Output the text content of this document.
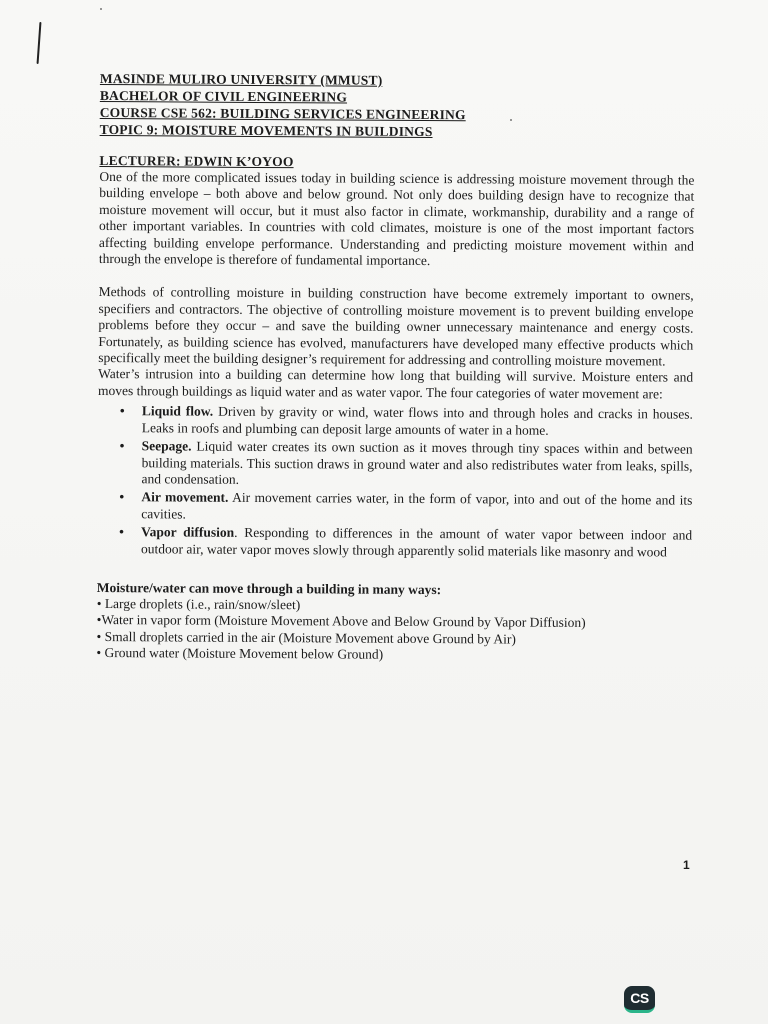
MASINDE MULIRO UNIVERSITY (MMUST)
BACHELOR OF CIVIL ENGINEERING
COURSE CSE 562: BUILDING SERVICES ENGINEERING
TOPIC 9: MOISTURE MOVEMENTS IN BUILDINGS
LECTURER: EDWIN K’OYOO

One of the more complicated issues today in building science is addressing moisture movement through the building envelope – both above and below ground. Not only does building design have to recognize that moisture movement will occur, but it must also factor in climate, workmanship, durability and a range of other important variables. In countries with cold climates, moisture is one of the most important factors affecting building envelope performance. Understanding and predicting moisture movement within and through the envelope is therefore of fundamental importance.

Methods of controlling moisture in building construction have become extremely important to owners, specifiers and contractors. The objective of controlling moisture movement is to prevent building envelope problems before they occur – and save the building owner unnecessary maintenance and energy costs. Fortunately, as building science has evolved, manufacturers have developed many effective products which specifically meet the building designer’s requirement for addressing and controlling moisture movement.

Water’s intrusion into a building can determine how long that building will survive. Moisture enters and moves through buildings as liquid water and as water vapor. The four categories of water movement are:

• Liquid flow. Driven by gravity or wind, water flows into and through holes and cracks in houses. Leaks in roofs and plumbing can deposit large amounts of water in a home.
• Seepage. Liquid water creates its own suction as it moves through tiny spaces within and between building materials. This suction draws in ground water and also redistributes water from leaks, spills, and condensation.
• Air movement. Air movement carries water, in the form of vapor, into and out of the home and its cavities.
• Vapor diffusion. Responding to differences in the amount of water vapor between indoor and outdoor air, water vapor moves slowly through apparently solid materials like masonry and wood
Moisture/water can move through a building in many ways:
• Large droplets (i.e., rain/snow/sleet)
•Water in vapor form (Moisture Movement Above and Below Ground by Vapor Diffusion)
• Small droplets carried in the air (Moisture Movement above Ground by Air)
• Ground water (Moisture Movement below Ground)
1
CS
